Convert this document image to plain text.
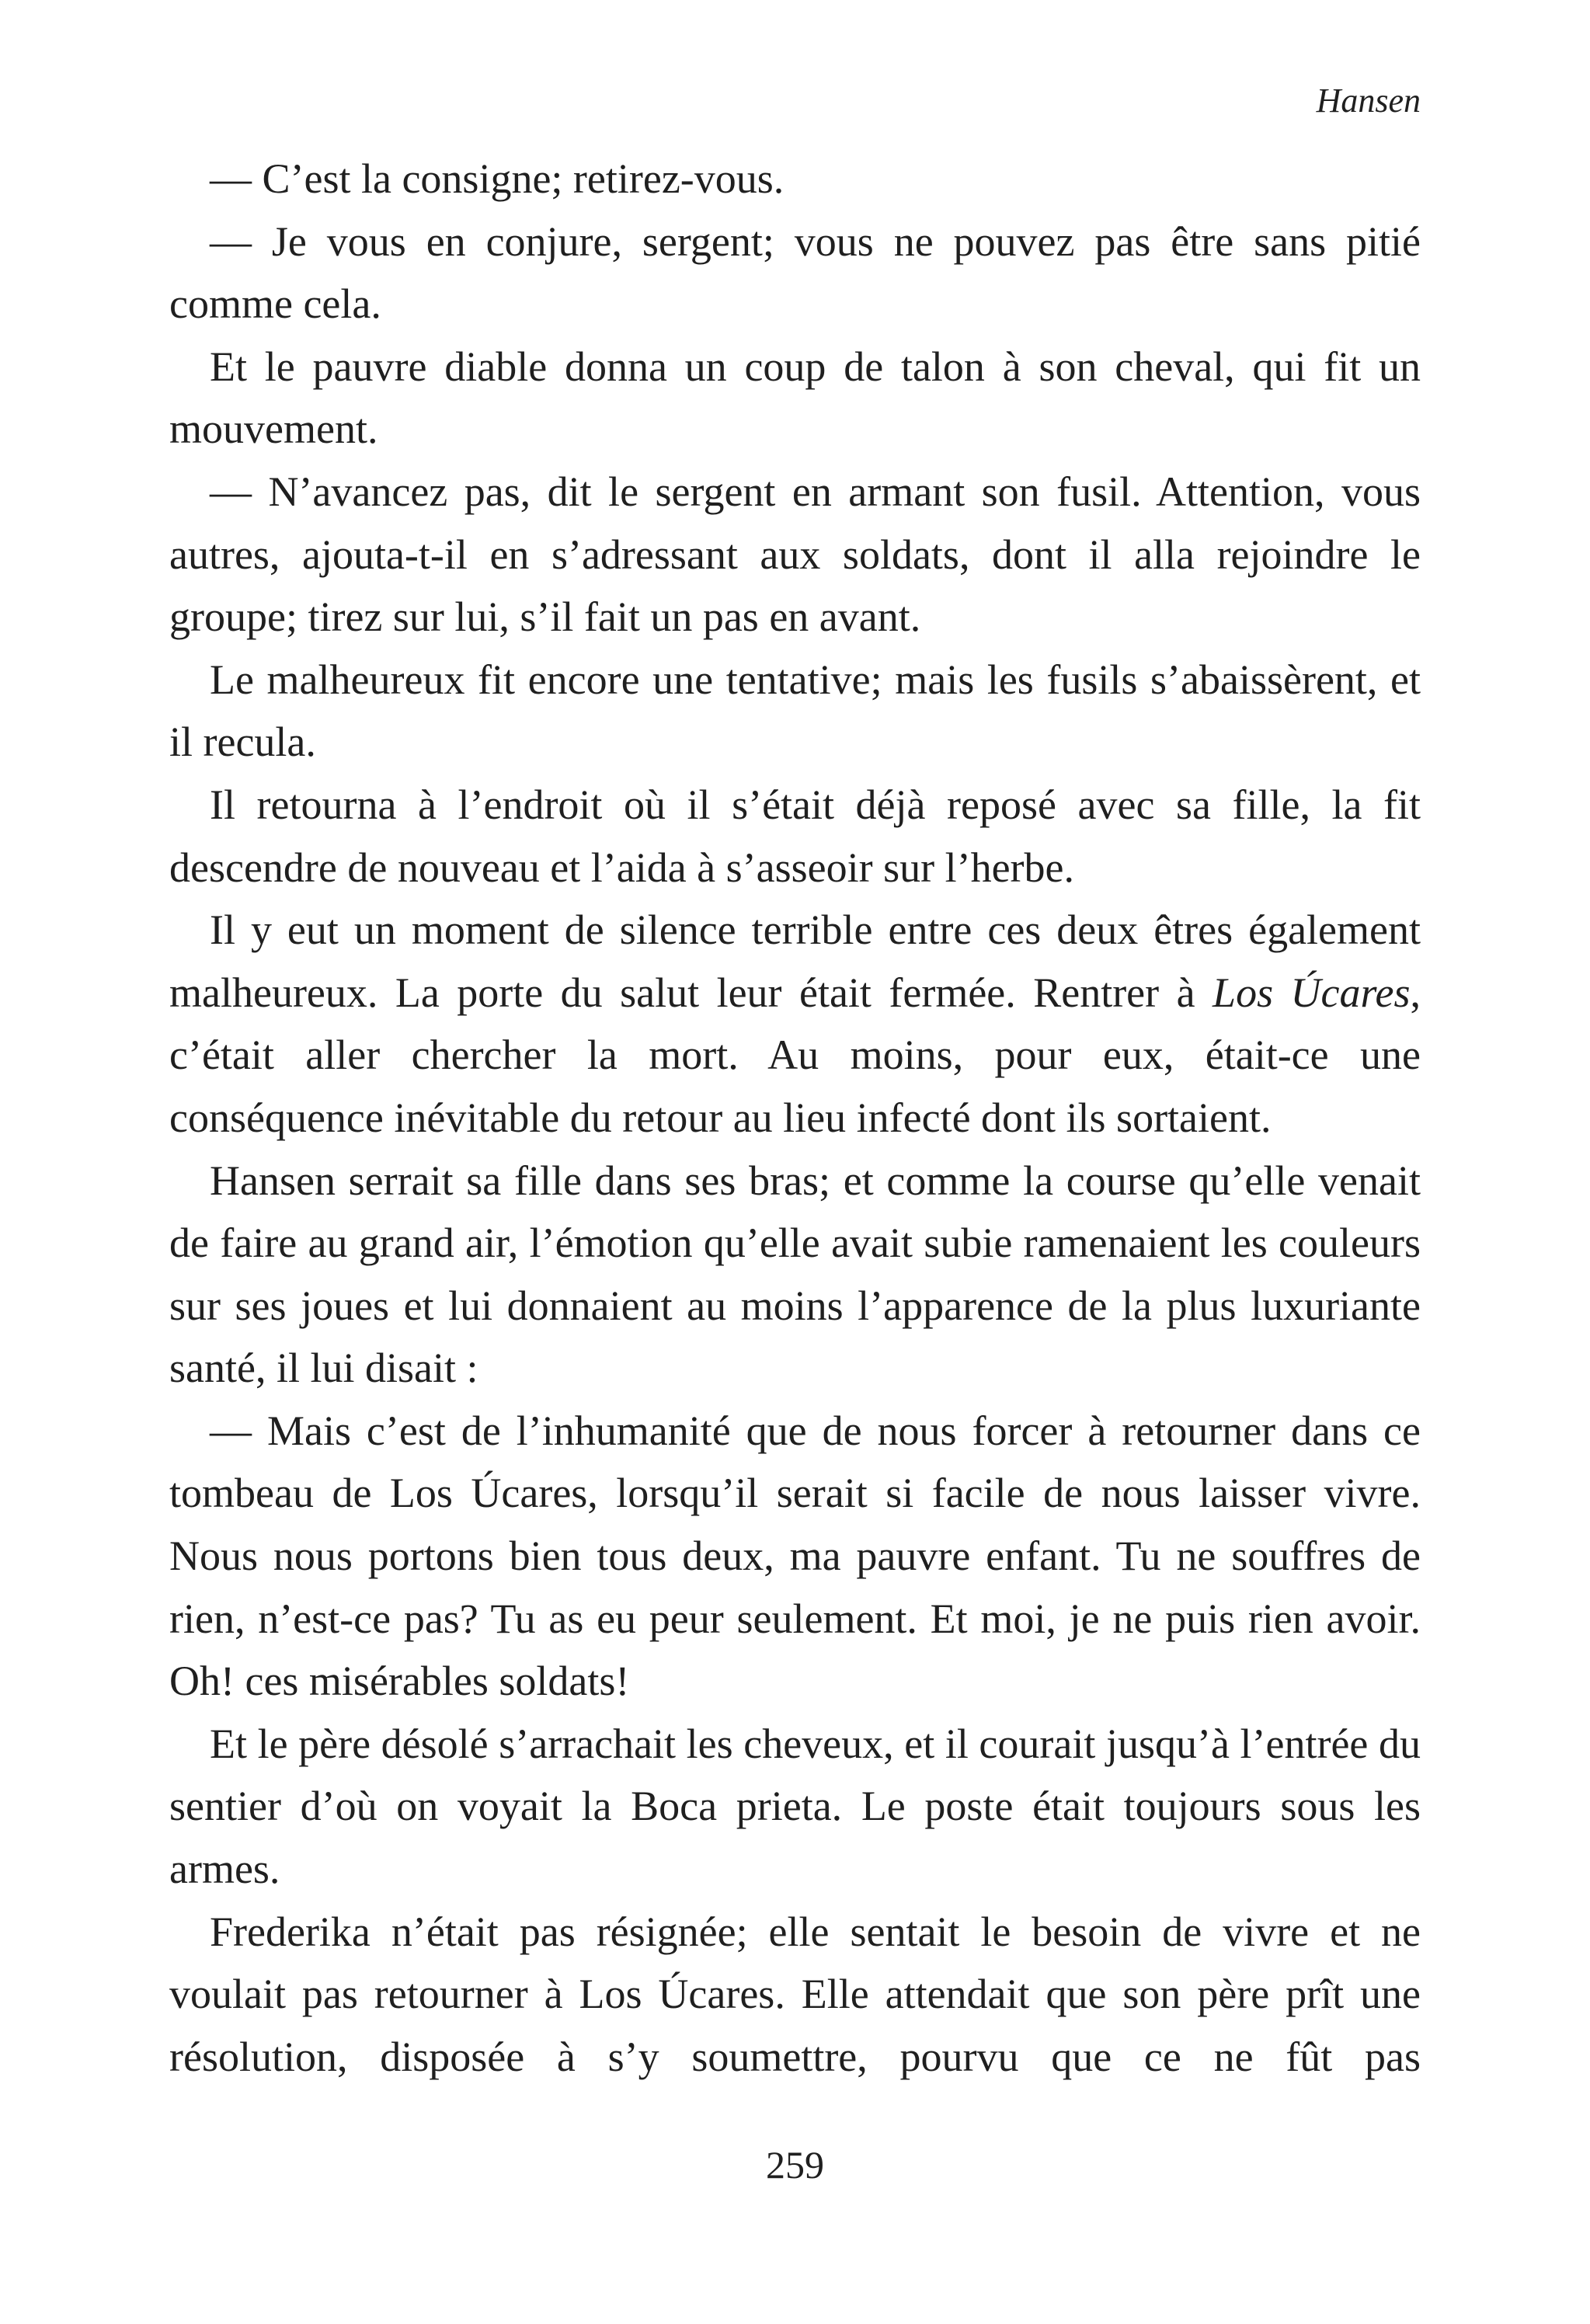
Hansen

— C’est la consigne; retirez-vous.

— Je vous en conjure, sergent; vous ne pouvez pas être sans pitié comme cela.

Et le pauvre diable donna un coup de talon à son cheval, qui fit un mouvement.

— N’avancez pas, dit le sergent en armant son fusil. Attention, vous autres, ajouta-t-il en s’adressant aux soldats, dont il alla rejoindre le groupe; tirez sur lui, s’il fait un pas en avant.

Le malheureux fit encore une tentative; mais les fusils s’abaissèrent, et il recula.

Il retourna à l’endroit où il s’était déjà reposé avec sa fille, la fit descendre de nouveau et l’aida à s’asseoir sur l’herbe.

Il y eut un moment de silence terrible entre ces deux êtres également malheureux. La porte du salut leur était fermée. Rentrer à Los Úcares, c’était aller chercher la mort. Au moins, pour eux, était-ce une conséquence inévitable du retour au lieu infecté dont ils sortaient.

Hansen serrait sa fille dans ses bras; et comme la course qu’elle venait de faire au grand air, l’émotion qu’elle avait subie ramenaient les couleurs sur ses joues et lui donnaient au moins l’apparence de la plus luxuriante santé, il lui disait :

— Mais c’est de l’inhumanité que de nous forcer à retourner dans ce tombeau de Los Úcares, lorsqu’il serait si facile de nous laisser vivre. Nous nous portons bien tous deux, ma pauvre enfant. Tu ne souffres de rien, n’est-ce pas? Tu as eu peur seulement. Et moi, je ne puis rien avoir. Oh! ces misérables soldats!

Et le père désolé s’arrachait les cheveux, et il courait jusqu’à l’entrée du sentier d’où on voyait la Boca prieta. Le poste était toujours sous les armes.

Frederika n’était pas résignée; elle sentait le besoin de vivre et ne voulait pas retourner à Los Úcares. Elle attendait que son père prît une résolution, disposée à s’y soumettre, pourvu que ce ne fût pas

259
